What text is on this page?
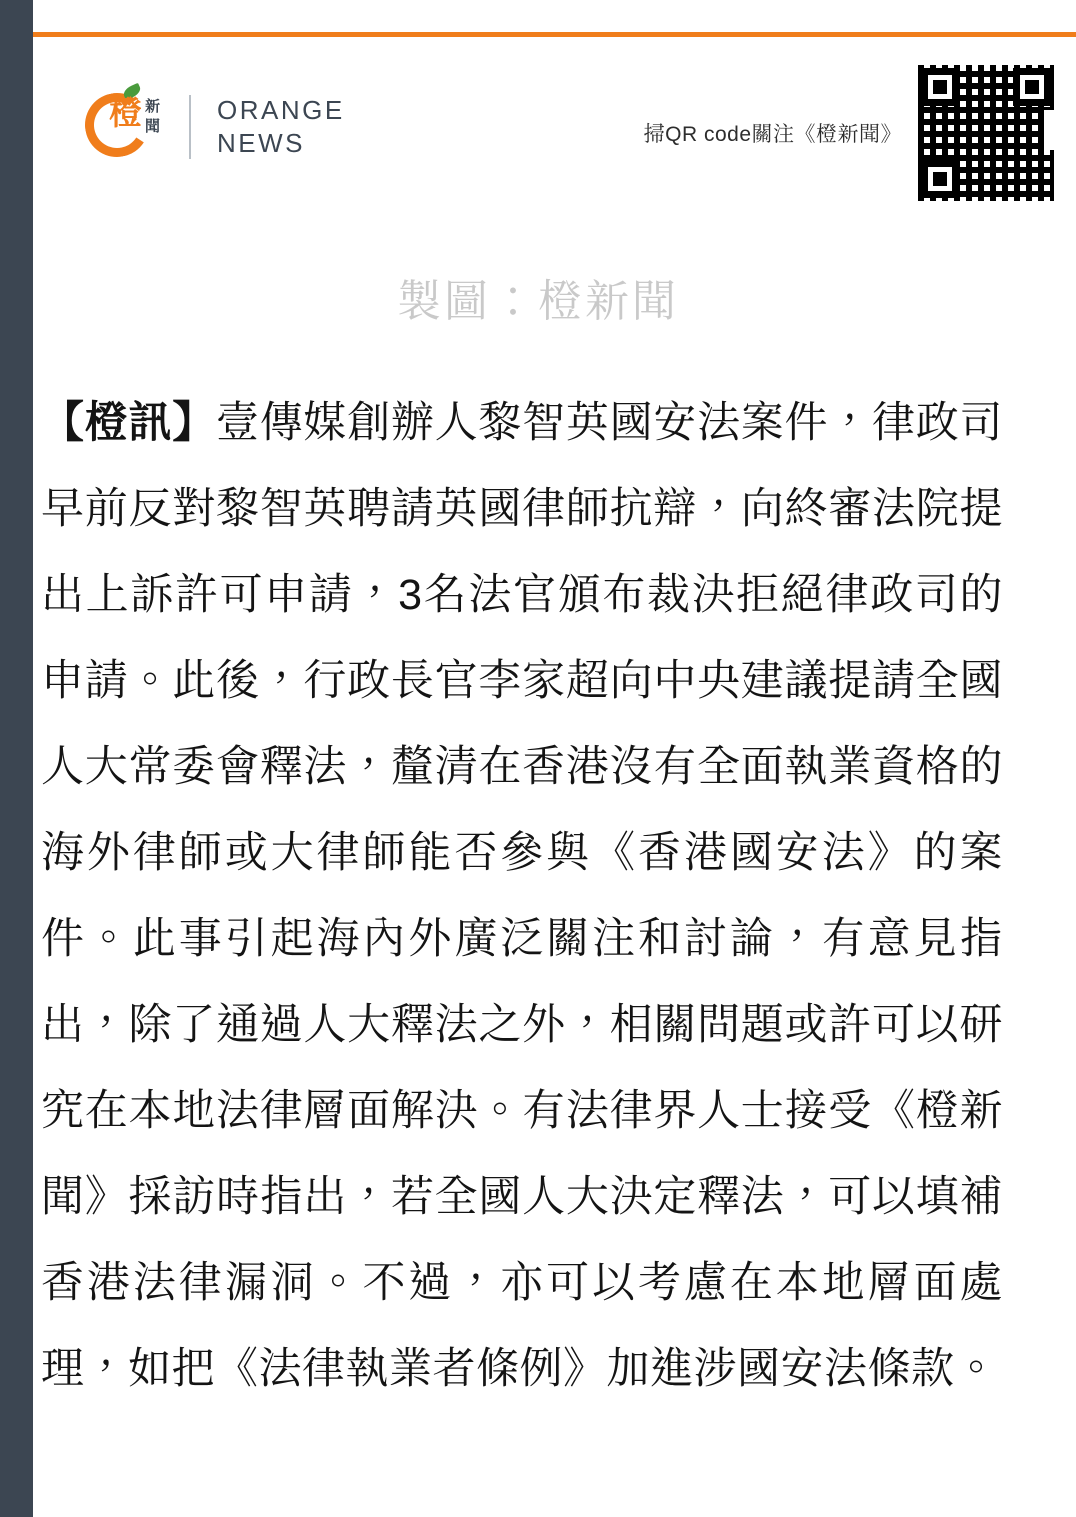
橙 新
聞
ORANGE
NEWS	掃QR code關注《橙新聞》
製圖：橙新聞

【橙訊】壹傳媒創辦人黎智英國安法案件，律政司早前反對黎智英聘請英國律師抗辯，向終審法院提出上訴許可申請，3名法官頒布裁決拒絕律政司的申請。此後，行政長官李家超向中央建議提請全國人大常委會釋法，釐清在香港沒有全面執業資格的海外律師或大律師能否參與《香港國安法》的案件。此事引起海內外廣泛關注和討論，有意見指出，除了通過人大釋法之外，相關問題或許可以研究在本地法律層面解決。有法律界人士接受《橙新聞》採訪時指出，若全國人大決定釋法，可以填補香港法律漏洞。不過，亦可以考慮在本地層面處理，如把《法律執業者條例》加進涉國安法條款。
